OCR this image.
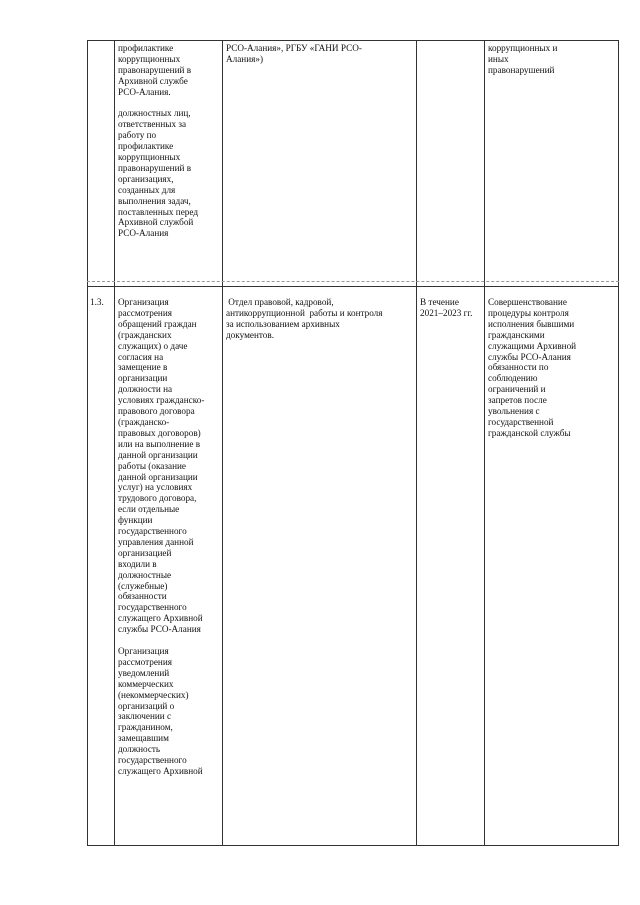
профилактике
коррупционных
правонарушений в
Архивной службе
РСО-Алания.
должностных лиц,
ответственных за
работу по
профилактике
коррупционных
правонарушений в
организациях,
созданных для
выполнения задач,
поставленных перед
Архивной службой
РСО-Алания
РСО-Алания», РГБУ «ГАНИ РСО-
Алания»)
коррупционных и
иных
правонарушений
1.3.	Организация
рассмотрения
обращений граждан
(гражданских
служащих) о даче
согласия на
замещение в
организации
должности на
условиях гражданско-
правового договора
(гражданско-
правовых договоров)
или на выполнение в
данной организации
работы (оказание
данной организации
услуг) на условиях
трудового договора,
если отдельные
функции
государственного
управления данной
организацией
входили в
должностные
(служебные)
обязанности
государственного
служащего Архивной
службы РСО-Алания
Организация
рассмотрения
уведомлений
коммерческих
(некоммерческих)
организаций о
заключении с
гражданином,
замещавшим
должность
государственного
служащего Архивной
Отдел правовой, кадровой,
антикоррупционной  работы и контроля
за использованием архивных
документов.
В течение
2021–2023 гг.
Совершенствование
процедуры контроля
исполнения бывшими
гражданскими
служащими Архивной
службы РСО-Алания
обязанности по
соблюдению
ограничений и
запретов после
увольнения с
государственной
гражданской службы
